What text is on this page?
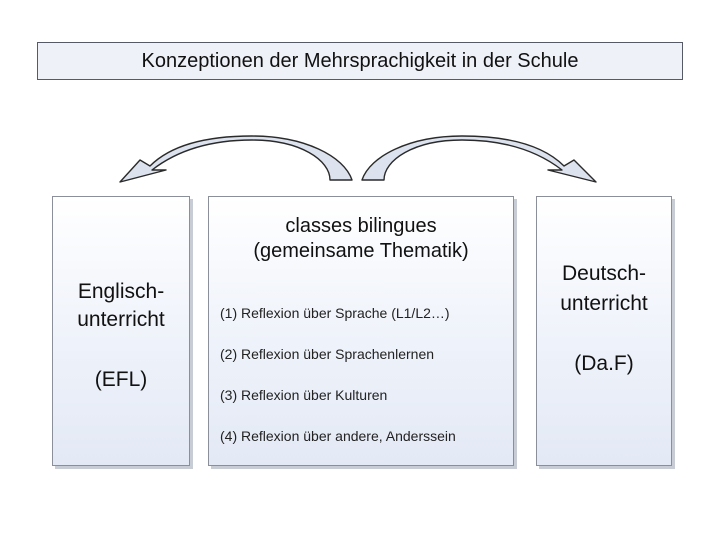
Konzeptionen der Mehrsprachigkeit in der Schule
Englisch-
unterricht
(EFL)
classes bilingues
(gemeinsame Thematik)
(1) Reflexion über Sprache (L1/L2…)
(2) Reflexion über Sprachenlernen
(3) Reflexion über Kulturen
(4) Reflexion über andere, Anderssein
Deutsch-
unterricht
(Da.F)
